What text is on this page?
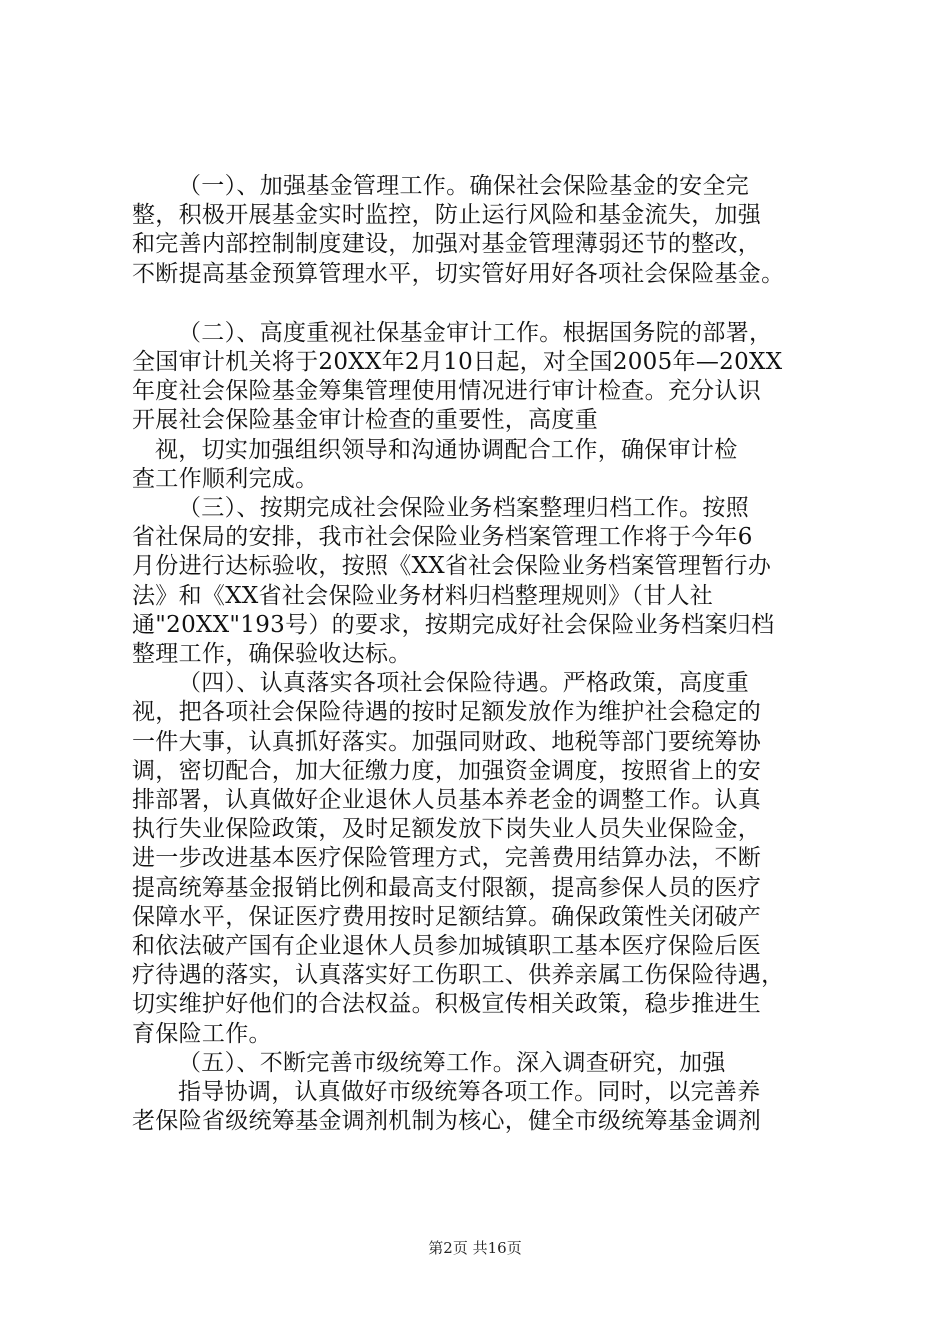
（一）、加强基金管理工作。确保社会保险基金的安全完
整，积极开展基金实时监控，防止运行风险和基金流失，加强
和完善内部控制制度建设，加强对基金管理薄弱还节的整改，
不断提高基金预算管理水平，切实管好用好各项社会保险基金。
（二）、高度重视社保基金审计工作。根据国务院的部署，
全国审计机关将于20XX年2月10日起，对全国2005年—20XX
年度社会保险基金筹集管理使用情况进行审计检查。充分认识
开展社会保险基金审计检查的重要性，高度重
视，切实加强组织领导和沟通协调配合工作，确保审计检
查工作顺利完成。
（三）、按期完成社会保险业务档案整理归档工作。按照
省社保局的安排，我市社会保险业务档案管理工作将于今年6
月份进行达标验收，按照《XX省社会保险业务档案管理暂行办
法》和《XX省社会保险业务材料归档整理规则》（甘人社
通"20XX"193号）的要求，按期完成好社会保险业务档案归档
整理工作，确保验收达标。
（四）、认真落实各项社会保险待遇。严格政策，高度重
视，把各项社会保险待遇的按时足额发放作为维护社会稳定的
一件大事，认真抓好落实。加强同财政、地税等部门要统筹协
调，密切配合，加大征缴力度，加强资金调度，按照省上的安
排部署，认真做好企业退休人员基本养老金的调整工作。认真
执行失业保险政策，及时足额发放下岗失业人员失业保险金，
进一步改进基本医疗保险管理方式，完善费用结算办法，不断
提高统筹基金报销比例和最高支付限额，提高参保人员的医疗
保障水平，保证医疗费用按时足额结算。确保政策性关闭破产
和依法破产国有企业退休人员参加城镇职工基本医疗保险后医
疗待遇的落实，认真落实好工伤职工、供养亲属工伤保险待遇，
切实维护好他们的合法权益。积极宣传相关政策，稳步推进生
育保险工作。
（五）、不断完善市级统筹工作。深入调查研究，加强
指导协调，认真做好市级统筹各项工作。同时，以完善养
老保险省级统筹基金调剂机制为核心，健全市级统筹基金调剂
第2页 共16页
